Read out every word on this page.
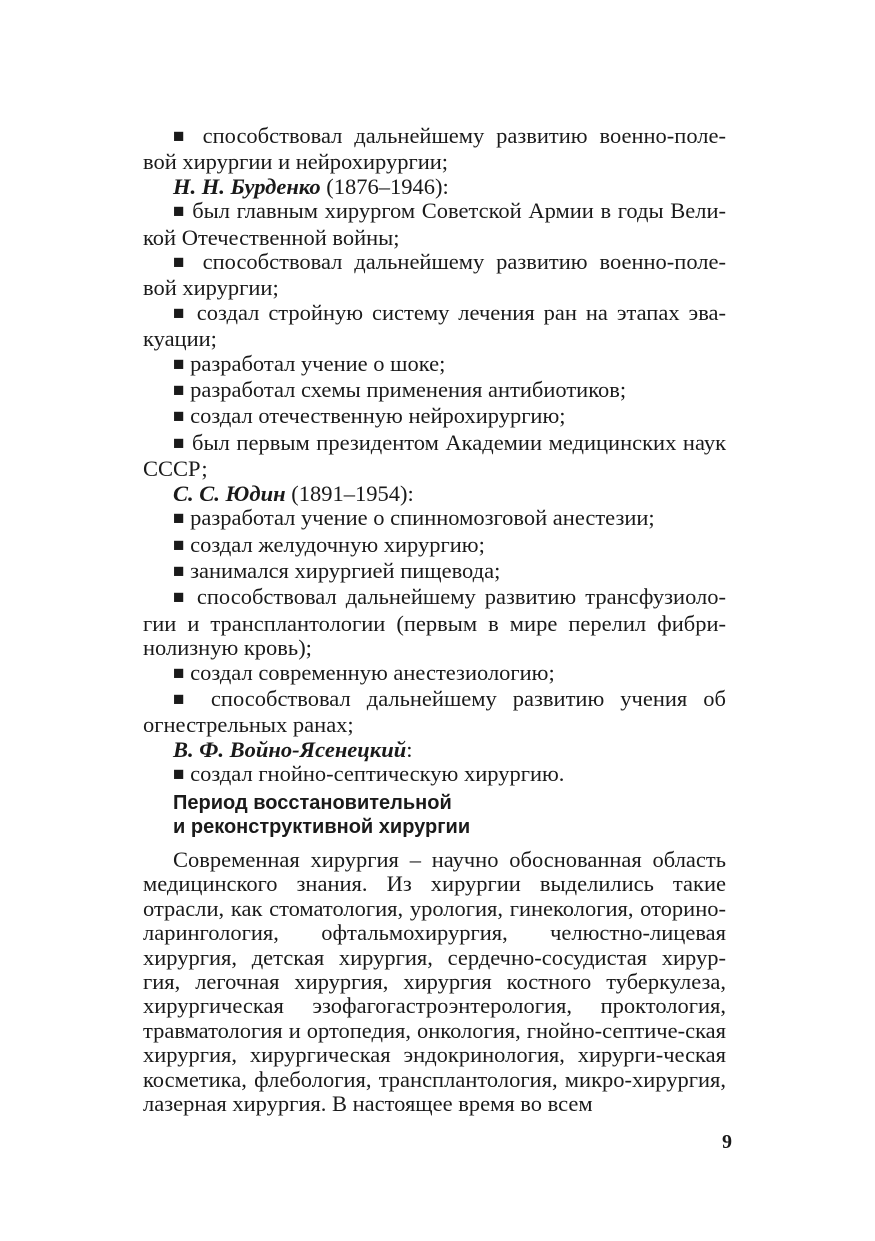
■ способствовал дальнейшему развитию военно-поле-вой хирургии и нейрохирургии;

Н. Н. Бурденко (1876–1946):

■ был главным хирургом Советской Армии в годы Вели-кой Отечественной войны;

■ способствовал дальнейшему развитию военно-поле-вой хирургии;

■ создал стройную систему лечения ран на этапах эва-куации;

■ разработал учение о шоке;

■ разработал схемы применения антибиотиков;

■ создал отечественную нейрохирургию;

■ был первым президентом Академии медицинских наук СССР;

С. С. Юдин (1891–1954):

■ разработал учение о спинномозговой анестезии;

■ создал желудочную хирургию;

■ занимался хирургией пищевода;

■ способствовал дальнейшему развитию трансфузиоло-гии и трансплантологии (первым в мире перелил фибри-нолизную кровь);

■ создал современную анестезиологию;

■ способствовал дальнейшему развитию учения об огнестрельных ранах;

В. Ф. Войно-Ясенецкий:

■ создал гнойно-септическую хирургию.

Период восстановительной
и реконструктивной хирургии

Современная хирургия – научно обоснованная область медицинского знания. Из хирургии выделились такие отрасли, как стоматология, урология, гинекология, оторино-ларингология, офтальмохирургия, челюстно-лицевая хирургия, детская хирургия, сердечно-сосудистая хирур-гия, легочная хирургия, хирургия костного туберкулеза, хирургическая эзофагогастроэнтерология, проктология, травматология и ортопедия, онкология, гнойно-септиче-ская хирургия, хирургическая эндокринология, хирурги-ческая косметика, флебология, трансплантология, микро-хирургия, лазерная хирургия. В настоящее время во всем

9
